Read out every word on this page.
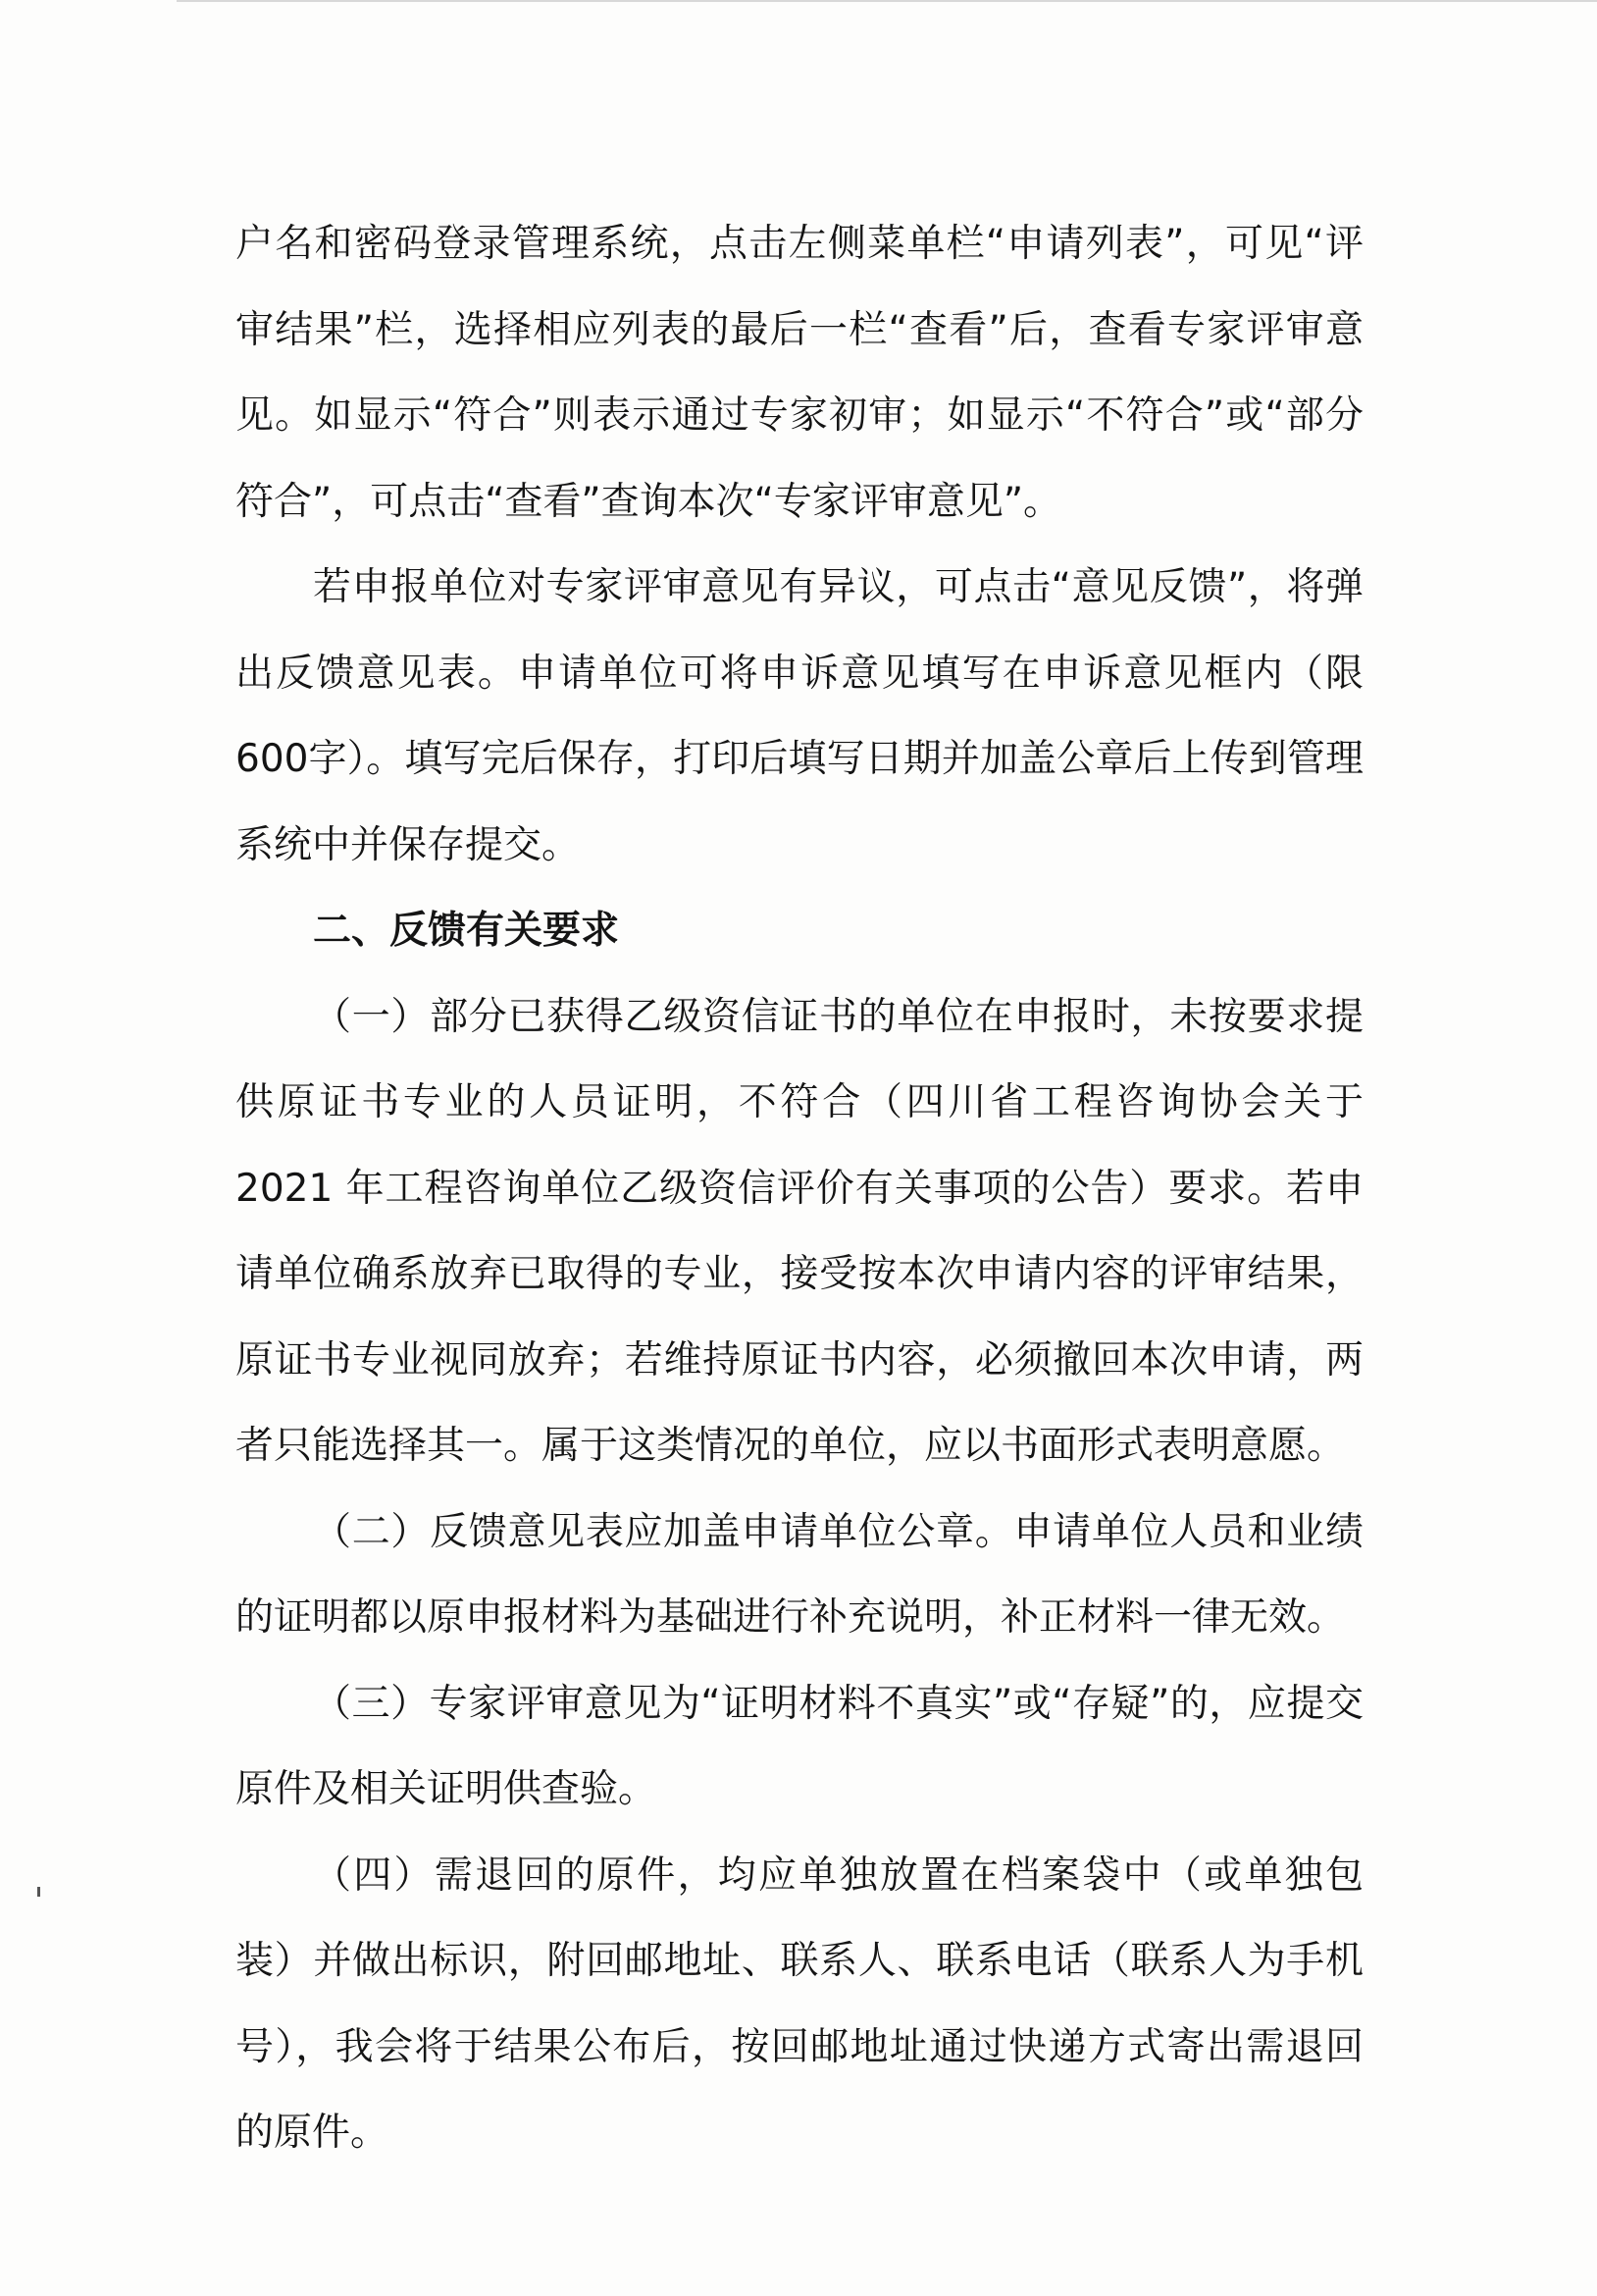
户名和密码登录管理系统，点击左侧菜单栏“申请列表”，可见“评审结果”栏，选择相应列表的最后一栏“查看”后，查看专家评审意见。如显示“符合”则表示通过专家初审；如显示“不符合”或“部分符合”，可点击“查看”查询本次“专家评审意见”。

若申报单位对专家评审意见有异议，可点击“意见反馈”，将弹出反馈意见表。申请单位可将申诉意见填写在申诉意见框内（限600字）。填写完后保存，打印后填写日期并加盖公章后上传到管理系统中并保存提交。

二、反馈有关要求

（一）部分已获得乙级资信证书的单位在申报时，未按要求提供原证书专业的人员证明，不符合（四川省工程咨询协会关于 2021 年工程咨询单位乙级资信评价有关事项的公告）要求。若申请单位确系放弃已取得的专业，接受按本次申请内容的评审结果，原证书专业视同放弃；若维持原证书内容，必须撤回本次申请，两者只能选择其一。属于这类情况的单位，应以书面形式表明意愿。

（二）反馈意见表应加盖申请单位公章。申请单位人员和业绩的证明都以原申报材料为基础进行补充说明，补正材料一律无效。

（三）专家评审意见为“证明材料不真实”或“存疑”的，应提交原件及相关证明供查验。

（四）需退回的原件，均应单独放置在档案袋中（或单独包装）并做出标识，附回邮地址、联系人、联系电话（联系人为手机号），我会将于结果公布后，按回邮地址通过快递方式寄出需退回的原件。
